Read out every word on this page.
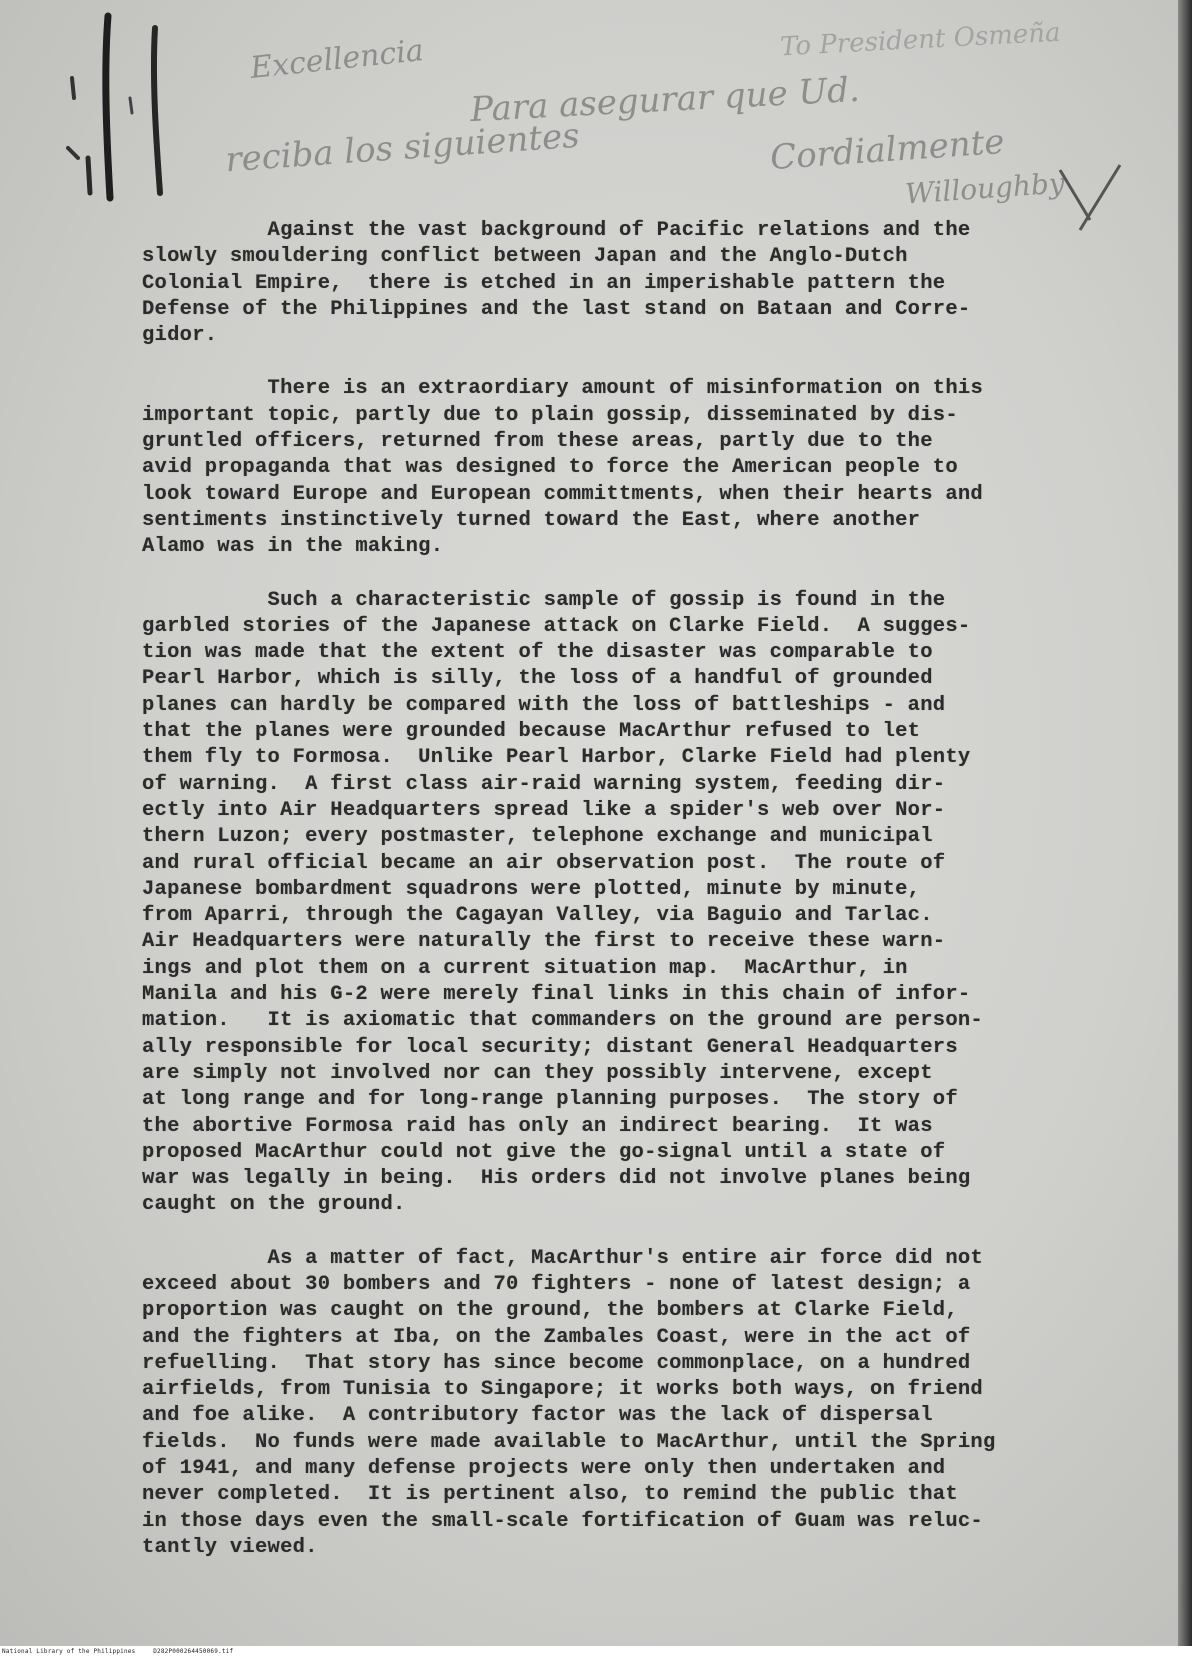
Excellencia
Para asegurar que Ud.
reciba los siguientes
To President Osmeña
Cordialmente
Willoughby

Against the vast background of Pacific relations and the
slowly smouldering conflict between Japan and the Anglo-Dutch
Colonial Empire,  there is etched in an imperishable pattern the
Defense of the Philippines and the last stand on Bataan and Corre-
gidor.

There is an extraordiary amount of misinformation on this
important topic, partly due to plain gossip, disseminated by dis-
gruntled officers, returned from these areas, partly due to the
avid propaganda that was designed to force the American people to
look toward Europe and European committments, when their hearts and
sentiments instinctively turned toward the East, where another
Alamo was in the making.

Such a characteristic sample of gossip is found in the
garbled stories of the Japanese attack on Clarke Field.  A sugges-
tion was made that the extent of the disaster was comparable to
Pearl Harbor, which is silly, the loss of a handful of grounded
planes can hardly be compared with the loss of battleships - and
that the planes were grounded because MacArthur refused to let
them fly to Formosa.  Unlike Pearl Harbor, Clarke Field had plenty
of warning.  A first class air-raid warning system, feeding dir-
ectly into Air Headquarters spread like a spider's web over Nor-
thern Luzon; every postmaster, telephone exchange and municipal
and rural official became an air observation post.  The route of
Japanese bombardment squadrons were plotted, minute by minute,
from Aparri, through the Cagayan Valley, via Baguio and Tarlac.
Air Headquarters were naturally the first to receive these warn-
ings and plot them on a current situation map.  MacArthur, in
Manila and his G-2 were merely final links in this chain of infor-
mation.   It is axiomatic that commanders on the ground are person-
ally responsible for local security; distant General Headquarters
are simply not involved nor can they possibly intervene, except
at long range and for long-range planning purposes.  The story of
the abortive Formosa raid has only an indirect bearing.  It was
proposed MacArthur could not give the go-signal until a state of
war was legally in being.  His orders did not involve planes being
caught on the ground.

As a matter of fact, MacArthur's entire air force did not
exceed about 30 bombers and 70 fighters - none of latest design; a
proportion was caught on the ground, the bombers at Clarke Field,
and the fighters at Iba, on the Zambales Coast, were in the act of
refuelling.  That story has since become commonplace, on a hundred
airfields, from Tunisia to Singapore; it works both ways, on friend
and foe alike.  A contributory factor was the lack of dispersal
fields.  No funds were made available to MacArthur, until the Spring
of 1941, and many defense projects were only then undertaken and
never completed.  It is pertinent also, to remind the public that
in those days even the small-scale fortification of Guam was reluc-
tantly viewed.

National Library of the Philippines	D282P000264450069.tif
